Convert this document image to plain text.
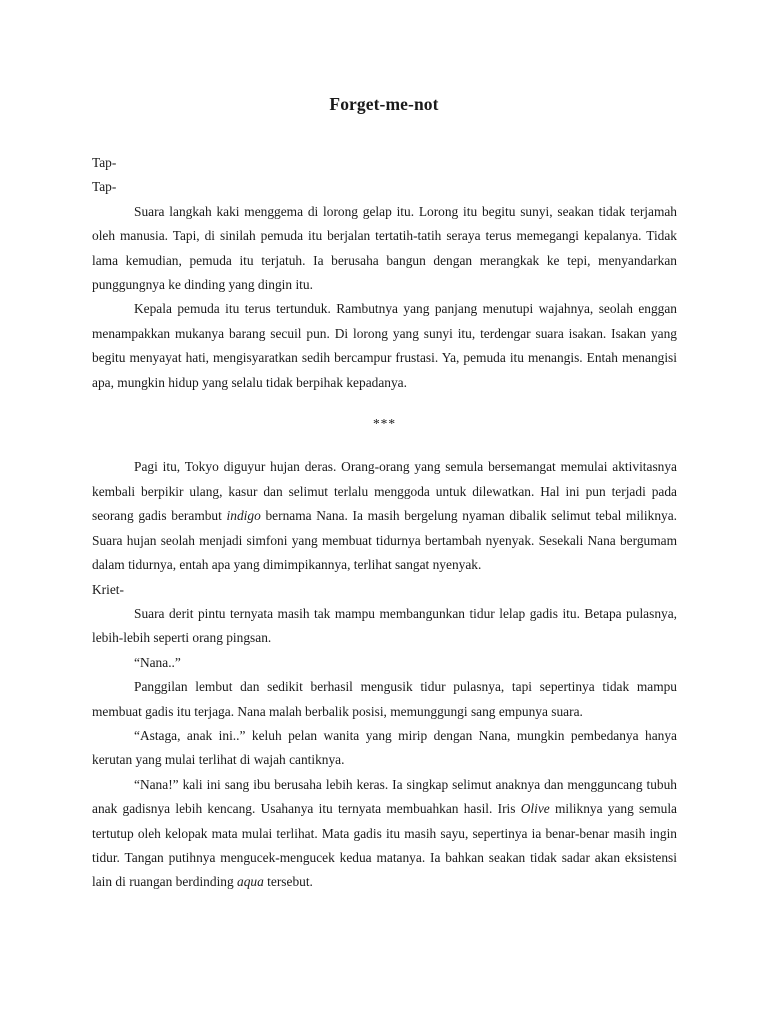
Forget-me-not

Tap-

Tap-

Suara langkah kaki menggema di lorong gelap itu. Lorong itu begitu sunyi, seakan tidak terjamah oleh manusia. Tapi, di sinilah pemuda itu berjalan tertatih-tatih seraya terus memegangi kepalanya. Tidak lama kemudian, pemuda itu terjatuh. Ia berusaha bangun dengan merangkak ke tepi, menyandarkan punggungnya ke dinding yang dingin itu.

Kepala pemuda itu terus tertunduk. Rambutnya yang panjang menutupi wajahnya, seolah enggan menampakkan mukanya barang secuil pun. Di lorong yang sunyi itu, terdengar suara isakan. Isakan yang begitu menyayat hati, mengisyaratkan sedih bercampur frustasi. Ya, pemuda itu menangis. Entah menangisi apa, mungkin hidup yang selalu tidak berpihak kepadanya.

***

Pagi itu, Tokyo diguyur hujan deras. Orang-orang yang semula bersemangat memulai aktivitasnya kembali berpikir ulang, kasur dan selimut terlalu menggoda untuk dilewatkan. Hal ini pun terjadi pada seorang gadis berambut indigo bernama Nana. Ia masih bergelung nyaman dibalik selimut tebal miliknya. Suara hujan seolah menjadi simfoni yang membuat tidurnya bertambah nyenyak. Sesekali Nana bergumam dalam tidurnya, entah apa yang dimimpikannya, terlihat sangat nyenyak.

Kriet-

Suara derit pintu ternyata masih tak mampu membangunkan tidur lelap gadis itu. Betapa pulasnya, lebih-lebih seperti orang pingsan.

“Nana..”

Panggilan lembut dan sedikit berhasil mengusik tidur pulasnya, tapi sepertinya tidak mampu membuat gadis itu terjaga. Nana malah berbalik posisi, memunggungi sang empunya suara.

“Astaga, anak ini..” keluh pelan wanita yang mirip dengan Nana, mungkin pembedanya hanya kerutan yang mulai terlihat di wajah cantiknya.

“Nana!” kali ini sang ibu berusaha lebih keras. Ia singkap selimut anaknya dan mengguncang tubuh anak gadisnya lebih kencang. Usahanya itu ternyata membuahkan hasil. Iris Olive miliknya yang semula tertutup oleh kelopak mata mulai terlihat. Mata gadis itu masih sayu, sepertinya ia benar-benar masih ingin tidur. Tangan putihnya mengucek-mengucek kedua matanya. Ia bahkan seakan tidak sadar akan eksistensi lain di ruangan berdinding aqua tersebut.
